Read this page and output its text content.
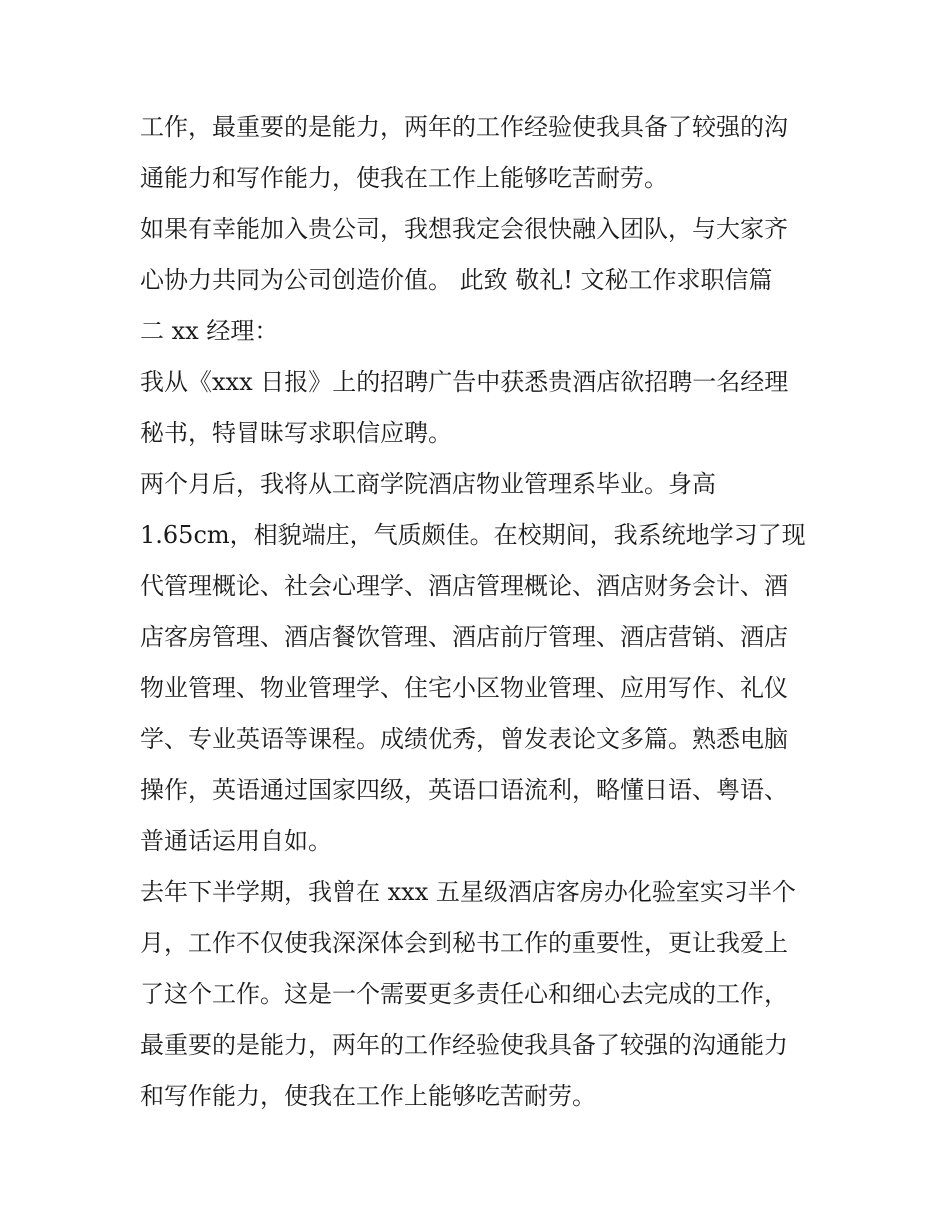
工作，最重要的是能力，两年的工作经验使我具备了较强的沟
通能力和写作能力，使我在工作上能够吃苦耐劳。
如果有幸能加入贵公司，我想我定会很快融入团队，与大家齐
心协力共同为公司创造价值。 此致 敬礼! 文秘工作求职信篇
二 xx 经理：
我从《xxx 日报》上的招聘广告中获悉贵酒店欲招聘一名经理
秘书，特冒昧写求职信应聘。
两个月后，我将从工商学院酒店物业管理系毕业。身高
1.65cm，相貌端庄，气质颇佳。在校期间，我系统地学习了现
代管理概论、社会心理学、酒店管理概论、酒店财务会计、酒
店客房管理、酒店餐饮管理、酒店前厅管理、酒店营销、酒店
物业管理、物业管理学、住宅小区物业管理、应用写作、礼仪
学、专业英语等课程。成绩优秀，曾发表论文多篇。熟悉电脑
操作，英语通过国家四级，英语口语流利，略懂日语、粤语、
普通话运用自如。
去年下半学期，我曾在 xxx 五星级酒店客房办化验室实习半个
月，工作不仅使我深深体会到秘书工作的重要性，更让我爱上
了这个工作。这是一个需要更多责任心和细心去完成的工作，
最重要的是能力，两年的工作经验使我具备了较强的沟通能力
和写作能力，使我在工作上能够吃苦耐劳。
